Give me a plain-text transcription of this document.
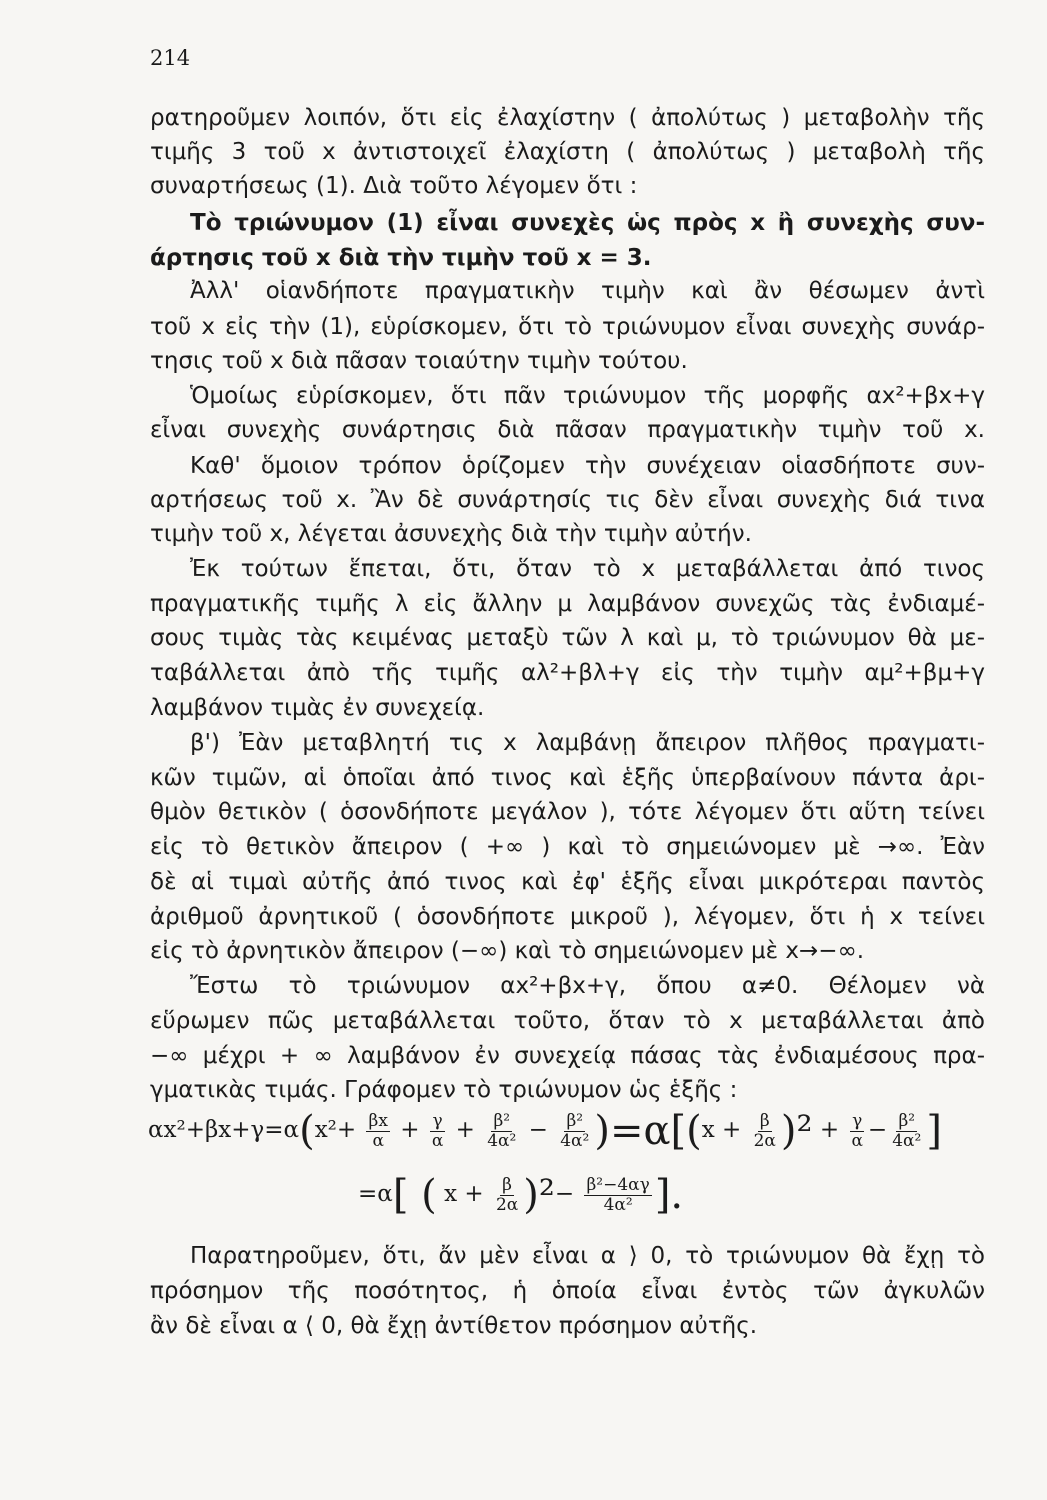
214
ρατηροῦμεν λοιπόν, ὅτι εἰς ἐλαχίστην ( ἀπολύτως ) μεταβολὴν τῆς
τιμῆς 3 τοῦ x ἀντιστοιχεῖ ἐλαχίστη ( ἀπολύτως ) μεταβολὴ τῆς
συναρτήσεως (1). Διὰ τοῦτο λέγομεν ὅτι :
Τὸ τριώνυμον (1) εἶναι συνεχὲς ὡς πρὸς x ἢ συνεχὴς συν-
άρτησις τοῦ x διὰ τὴν τιμὴν τοῦ x = 3.
Ἀλλ' οἱανδήποτε πραγματικὴν τιμὴν καὶ ἂν θέσωμεν ἀντὶ
τοῦ x εἰς τὴν (1), εὑρίσκομεν, ὅτι τὸ τριώνυμον εἶναι συνεχὴς συνάρ-
τησις τοῦ x διὰ πᾶσαν τοιαύτην τιμὴν τούτου.
Ὁμοίως εὑρίσκομεν, ὅτι πᾶν τριώνυμον τῆς μορφῆς αx²+βx+γ
εἶναι συνεχὴς συνάρτησις διὰ πᾶσαν πραγματικὴν τιμὴν τοῦ x.
Καθ' ὅμοιον τρόπον ὁρίζομεν τὴν συνέχειαν οἱασδήποτε συν-
αρτήσεως τοῦ x. Ἂν δὲ συνάρτησίς τις δὲν εἶναι συνεχὴς διά τινα
τιμὴν τοῦ x, λέγεται ἀσυνεχὴς διὰ τὴν τιμὴν αὐτήν.
Ἐκ τούτων ἕπεται, ὅτι, ὅταν τὸ x μεταβάλλεται ἀπό τινος
πραγματικῆς τιμῆς λ εἰς ἄλλην μ λαμβάνον συνεχῶς τὰς ἐνδιαμέ-
σους τιμὰς τὰς κειμένας μεταξὺ τῶν λ καὶ μ, τὸ τριώνυμον θὰ με-
ταβάλλεται ἀπὸ τῆς τιμῆς αλ²+βλ+γ εἰς τὴν τιμὴν αμ²+βμ+γ
λαμβάνον τιμὰς ἐν συνεχείᾳ.
β') Ἐὰν μεταβλητή τις x λαμβάνῃ ἄπειρον πλῆθος πραγματι-
κῶν τιμῶν, αἱ ὁποῖαι ἀπό τινος καὶ ἑξῆς ὑπερβαίνουν πάντα ἀρι-
θμὸν θετικὸν ( ὁσονδήποτε μεγάλον ), τότε λέγομεν ὅτι αὕτη τείνει
εἰς τὸ θετικὸν ἄπειρον ( +∞ ) καὶ τὸ σημειώνομεν μὲ →∞. Ἐὰν
δὲ αἱ τιμαὶ αὐτῆς ἀπό τινος καὶ ἐφ' ἑξῆς εἶναι μικρότεραι παντὸς
ἀριθμοῦ ἀρνητικοῦ ( ὁσονδήποτε μικροῦ ), λέγομεν, ὅτι ἡ x τείνει
εἰς τὸ ἀρνητικὸν ἄπειρον (−∞) καὶ τὸ σημειώνομεν μὲ x→−∞.
Ἔστω τὸ τριώνυμον αx²+βx+γ, ὅπου α≠0. Θέλομεν νὰ
εὕρωμεν πῶς μεταβάλλεται τοῦτο, ὅταν τὸ x μεταβάλλεται ἀπὸ
−∞ μέχρι + ∞ λαμβάνον ἐν συνεχείᾳ πάσας τὰς ἐνδιαμέσους πρα-
γματικὰς τιμάς. Γράφομεν τὸ τριώνυμον ὡς ἑξῆς :
$\alpha x^2+\beta x+\gamma=\alpha(x^2+ \frac{\beta x}{\alpha} + \frac{\gamma}{\alpha} + \frac{\text{β²}}{\text{4α²}} - \frac{\text{β²}}{\text{4α²}} )=\alpha[(x + \frac{\beta}{2\alpha} )^2 + \frac{\gamma}{\alpha} - \frac{\text{β²}}{\text{4α²}}$ ]
=α[ ( $x + \frac{\beta}{2\alpha} )^2- \frac{\text{β²−4αγ}}{\text{4α²}}$ ].
Παρατηροῦμεν, ὅτι, ἄν μὲν εἶναι α ⟩ 0, τὸ τριώνυμον θὰ ἔχῃ τὸ
πρόσημον τῆς ποσότητος, ἡ ὁποία εἶναι ἐντὸς τῶν ἀγκυλῶν
ἂν δὲ εἶναι α ⟨ 0, θὰ ἔχῃ ἀντίθετον πρόσημον αὐτῆς.
